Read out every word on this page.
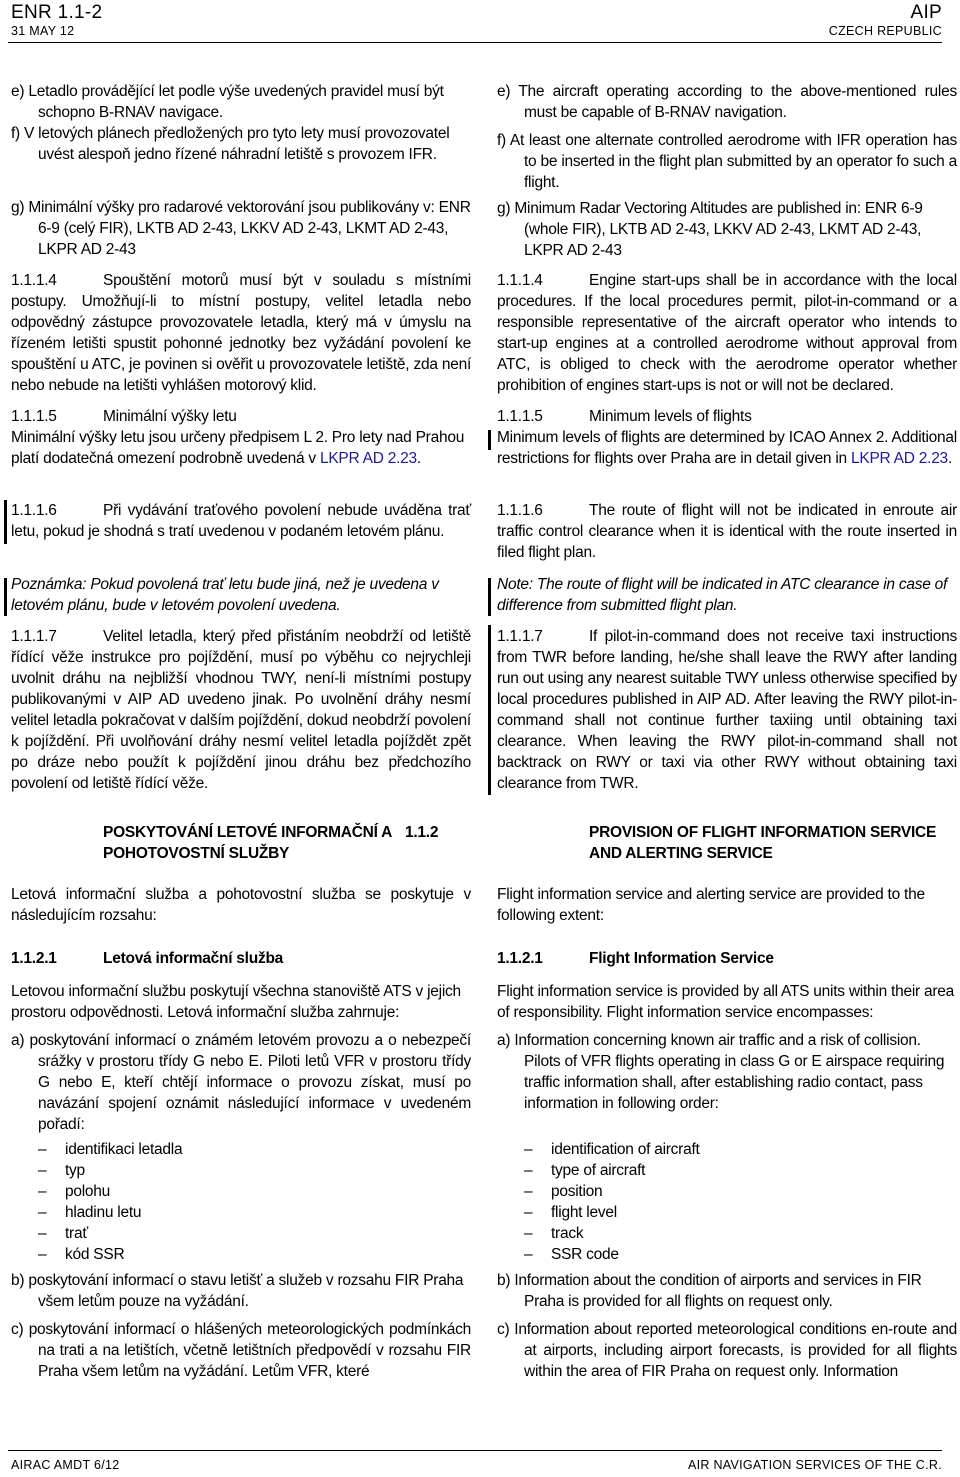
ENR 1.1-2
31 MAY 12
AIP
CZECH REPUBLIC

e) Letadlo provádějící let podle výše uvedených pravidel musí být schopno B-RNAV navigace.

f) V letových plánech předložených pro tyto lety musí provozovatel uvést alespoň jedno řízené náhradní letiště s provozem IFR.

g) Minimální výšky pro radarové vektorování jsou publikovány v: ENR 6-9 (celý FIR), LKTB AD 2-43, LKKV AD 2-43, LKMT AD 2-43, LKPR AD 2-43

1.1.1.4	Spouštění motorů musí být v souladu s místními postupy. Umožňují-li to místní postupy, velitel letadla nebo odpovědný zástupce provozovatele letadla, který má v úmyslu na řízeném letišti spustit pohonné jednotky bez vyžádání povolení ke spouštění u ATC, je povinen si ověřit u provozovatele letiště, zda není nebo nebude na letišti vyhlášen motorový klid.

1.1.1.5	Minimální výšky letu

Minimální výšky letu jsou určeny předpisem L 2. Pro lety nad Prahou platí dodatečná omezení podrobně uvedená v LKPR AD 2.23.

1.1.1.6	Při vydávání traťového povolení nebude uváděna trať letu, pokud je shodná s tratí uvedenou v podaném letovém plánu.

Poznámka: Pokud povolená trať letu bude jiná, než je uvedena v letovém plánu, bude v letovém povolení uvedena.

1.1.1.7	Velitel letadla, který před přistáním neobdrží od letiště řídící věže instrukce pro pojíždění, musí po výběhu co nejrychleji uvolnit dráhu na nejbližší vhodnou TWY, není-li místními postupy publikovanými v AIP AD uvedeno jinak. Po uvolnění dráhy nesmí velitel letadla pokračovat v dalším pojíždění, dokud neobdrží povolení k pojíždění. Při uvolňování dráhy nesmí velitel letadla pojíždět zpět po dráze nebo použít k pojíždění jinou dráhu bez předchozího povolení od letiště řídící věže.

POSKYTOVÁNÍ LETOVÉ INFORMAČNÍ A POHOTOVOSTNÍ SLUŽBY

Letová informační služba a pohotovostní služba se poskytuje v následujícím rozsahu:

1.1.2.1	Letová informační služba

Letovou informační službu poskytují všechna stanoviště ATS v jejich prostoru odpovědnosti. Letová informační služba zahrnuje:

a) poskytování informací o známém letovém provozu a o nebezpečí srážky v prostoru třídy G nebo E. Piloti letů VFR v prostoru třídy G nebo E, kteří chtějí informace o provozu získat, musí po navázání spojení oznámit následující informace v uvedeném pořadí:

– identifikaci letadla

– typ

– polohu

– hladinu letu

– trať

– kód SSR

b) poskytování informací o stavu letišť a služeb v rozsahu FIR Praha všem letům pouze na vyžádání.

c) poskytování informací o hlášených meteorologických podmínkách na trati a na letištích, včetně letištních předpovědí v rozsahu FIR Praha všem letům na vyžádání. Letům VFR, které

e) The aircraft operating according to the above-mentioned rules must be capable of B-RNAV navigation.

f) At least one alternate controlled aerodrome with IFR operation has to be inserted in the flight plan submitted by an operator fo such a flight.

g) Minimum Radar Vectoring Altitudes are published in: ENR 6-9 (whole FIR), LKTB AD 2-43, LKKV AD 2-43, LKMT AD 2-43, LKPR AD 2-43

1.1.1.4	Engine start-ups shall be in accordance with the local procedures. If the local procedures permit, pilot-in-command or a responsible representative of the aircraft operator who intends to start-up engines at a controlled aerodrome without approval from ATC, is obliged to check with the aerodrome operator whether prohibition of engines start-ups is not or will not be declared.

1.1.1.5	Minimum levels of flights

Minimum levels of flights are determined by ICAO Annex 2. Additional restrictions for flights over Praha are in detail given in LKPR AD 2.23.

1.1.1.6	The route of flight will not be indicated in enroute air traffic control clearance when it is identical with the route inserted in filed flight plan.

Note: The route of flight will be indicated in ATC clearance in case of difference from submitted flight plan.

1.1.1.7	If pilot-in-command does not receive taxi instructions from TWR before landing, he/she shall leave the RWY after landing run out using any nearest suitable TWY unless otherwise specified by local procedures published in AIP AD. After leaving the RWY pilot-in-command shall not continue further taxiing until obtaining taxi clearance. When leaving the RWY pilot-in-command shall not backtrack on RWY or taxi via other RWY without obtaining taxi clearance from TWR.

1.1.2	PROVISION OF FLIGHT INFORMATION SERVICE AND ALERTING SERVICE

Flight information service and alerting service are provided to the following extent:

1.1.2.1	Flight Information Service

Flight information service is provided by all ATS units within their area of responsibility. Flight information service encompasses:

a) Information concerning known air traffic and a risk of collision. Pilots of VFR flights operating in class G or E airspace requiring traffic information shall, after establishing radio contact, pass information in following order:

– identification of aircraft

– type of aircraft

– position

– flight level

– track

– SSR code

b) Information about the condition of airports and services in FIR Praha is provided for all flights on request only.

c) Information about reported meteorological conditions en-route and at airports, including airport forecasts, is provided for all flights within the area of FIR Praha on request only. Information

AIRAC AMDT 6/12	AIR NAVIGATION SERVICES OF THE C.R.
